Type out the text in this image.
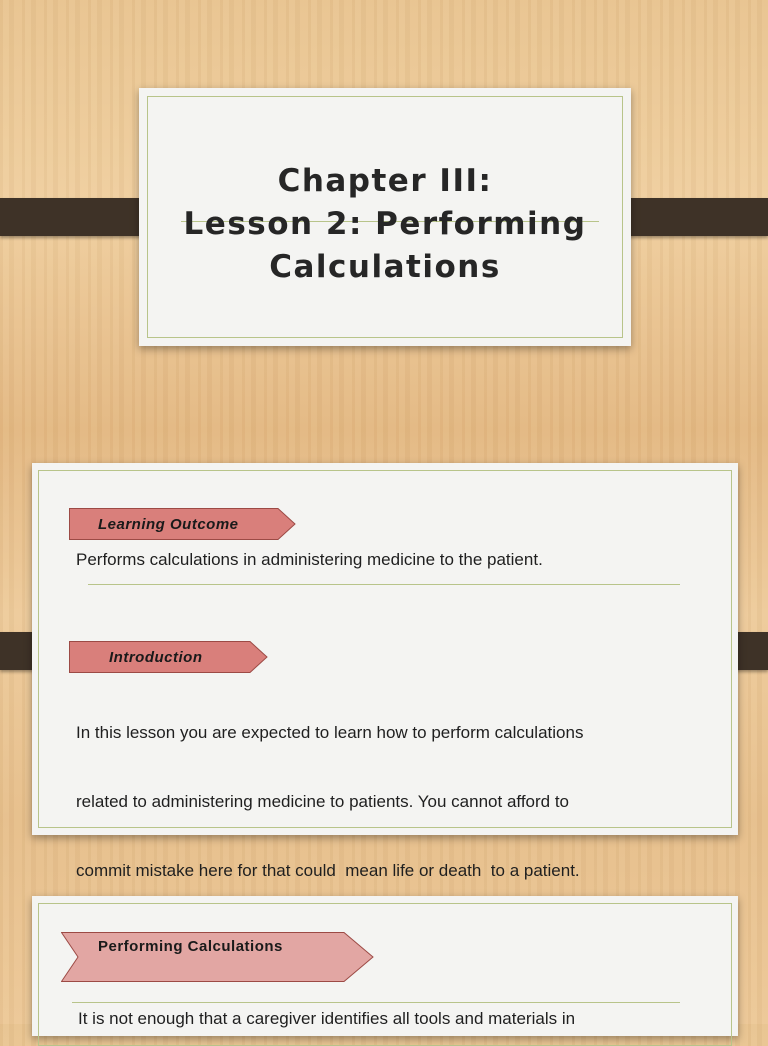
Chapter III:
Lesson 2: Performing
Calculations
Learning Outcome
Performs calculations in administering medicine to the patient.
Introduction

In this lesson you are expected to learn how to perform calculations

related to administering medicine to patients. You cannot afford to

commit mistake here for that could  mean life or death  to a patient.

Performing Calculations
It is not enough that a caregiver identifies all tools and materials in
